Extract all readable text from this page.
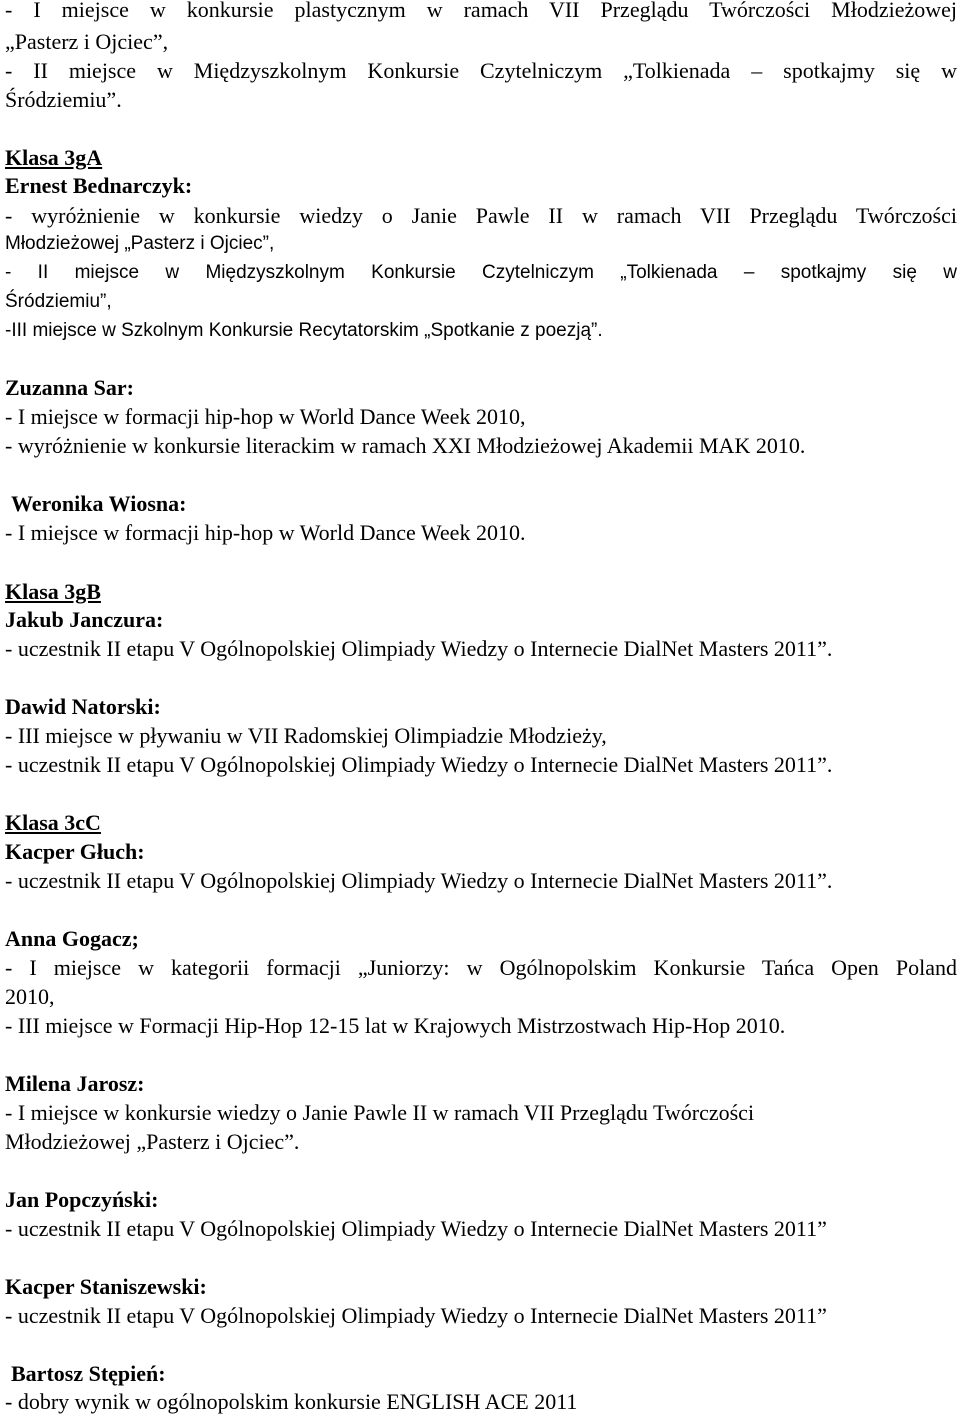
- I miejsce w konkursie plastycznym w ramach VII Przeglądu Twórczości Młodzieżowej
„Pasterz i Ojciec”,
- II miejsce w Międzyszkolnym Konkursie Czytelniczym „Tolkienada – spotkajmy się w
Śródziemiu”.
Klasa 3gA
Ernest Bednarczyk:
- wyróżnienie w konkursie wiedzy o Janie Pawle II w ramach VII Przeglądu Twórczości
Młodzieżowej „Pasterz i Ojciec”,
- II miejsce w Międzyszkolnym Konkursie Czytelniczym „Tolkienada – spotkajmy się w
Śródziemiu”,
-III miejsce w Szkolnym Konkursie Recytatorskim „Spotkanie z poezją”.
Zuzanna Sar:
- I miejsce w formacji hip-hop w World Dance Week 2010,
- wyróżnienie w konkursie literackim w ramach XXI Młodzieżowej Akademii MAK 2010.
Weronika Wiosna:
- I miejsce w formacji hip-hop w World Dance Week 2010.
Klasa 3gB
Jakub Janczura:
- uczestnik II etapu V Ogólnopolskiej Olimpiady Wiedzy o Internecie DialNet Masters 2011”.
Dawid Natorski:
- III miejsce w pływaniu w VII Radomskiej Olimpiadzie Młodzieży,
- uczestnik II etapu V Ogólnopolskiej Olimpiady Wiedzy o Internecie DialNet Masters 2011”.
Klasa 3cC
Kacper Głuch:
- uczestnik II etapu V Ogólnopolskiej Olimpiady Wiedzy o Internecie DialNet Masters 2011”.
Anna Gogacz;
- I miejsce w kategorii formacji „Juniorzy: w Ogólnopolskim Konkursie Tańca Open Poland
2010,
- III miejsce w Formacji Hip-Hop 12-15 lat w Krajowych Mistrzostwach Hip-Hop 2010.
Milena Jarosz:
- I miejsce w konkursie wiedzy o Janie Pawle II w ramach VII Przeglądu Twórczości
Młodzieżowej „Pasterz i Ojciec”.
Jan Popczyński:
- uczestnik II etapu V Ogólnopolskiej Olimpiady Wiedzy o Internecie DialNet Masters 2011”
Kacper Staniszewski:
- uczestnik II etapu V Ogólnopolskiej Olimpiady Wiedzy o Internecie DialNet Masters 2011”
Bartosz Stępień:
- dobry wynik w ogólnopolskim konkursie ENGLISH ACE 2011
